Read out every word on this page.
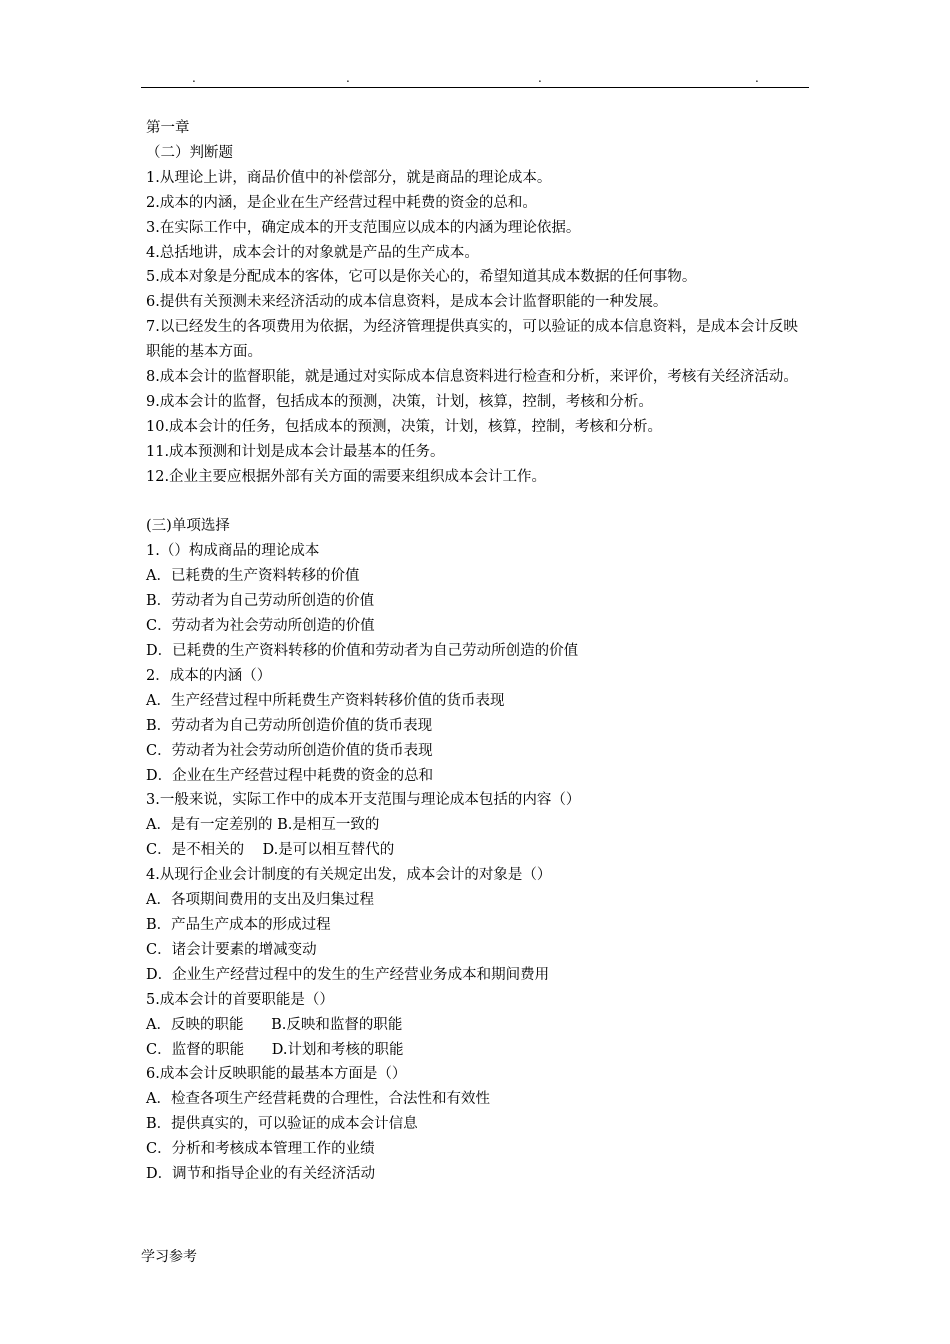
.	.	.	.
第一章
（二）判断题
1.从理论上讲，商品价值中的补偿部分，就是商品的理论成本。
2.成本的内涵，是企业在生产经营过程中耗费的资金的总和。
3.在实际工作中，确定成本的开支范围应以成本的内涵为理论依据。
4.总括地讲，成本会计的对象就是产品的生产成本。
5.成本对象是分配成本的客体，它可以是你关心的，希望知道其成本数据的任何事物。
6.提供有关预测未来经济活动的成本信息资料，是成本会计监督职能的一种发展。
7.以已经发生的各项费用为依据，为经济管理提供真实的，可以验证的成本信息资料，是成本会计反映职能的基本方面。
8.成本会计的监督职能，就是通过对实际成本信息资料进行检查和分析，来评价，考核有关经济活动。
9.成本会计的监督，包括成本的预测，决策，计划，核算，控制，考核和分析。
10.成本会计的任务，包括成本的预测，决策，计划，核算，控制，考核和分析。
11.成本预测和计划是成本会计最基本的任务。
12.企业主要应根据外部有关方面的需要来组织成本会计工作。
(三)单项选择
1.（）构成商品的理论成本
A．已耗费的生产资料转移的价值
B．劳动者为自己劳动所创造的价值
C．劳动者为社会劳动所创造的价值
D．已耗费的生产资料转移的价值和劳动者为自己劳动所创造的价值
2．成本的内涵（）
A．生产经营过程中所耗费生产资料转移价值的货币表现
B．劳动者为自己劳动所创造价值的货币表现
C．劳动者为社会劳动所创造价值的货币表现
D．企业在生产经营过程中耗费的资金的总和
3.一般来说，实际工作中的成本开支范围与理论成本包括的内容（）
A．是有一定差别的 B.是相互一致的
C．是不相关的    D.是可以相互替代的
4.从现行企业会计制度的有关规定出发，成本会计的对象是（）
A．各项期间费用的支出及归集过程
B．产品生产成本的形成过程
C．诸会计要素的增减变动
D．企业生产经营过程中的发生的生产经营业务成本和期间费用
5.成本会计的首要职能是（）
A．反映的职能      B.反映和监督的职能
C．监督的职能      D.计划和考核的职能
6.成本会计反映职能的最基本方面是（）
A．检查各项生产经营耗费的合理性，合法性和有效性
B．提供真实的，可以验证的成本会计信息
C．分析和考核成本管理工作的业绩
D．调节和指导企业的有关经济活动
学习参考
